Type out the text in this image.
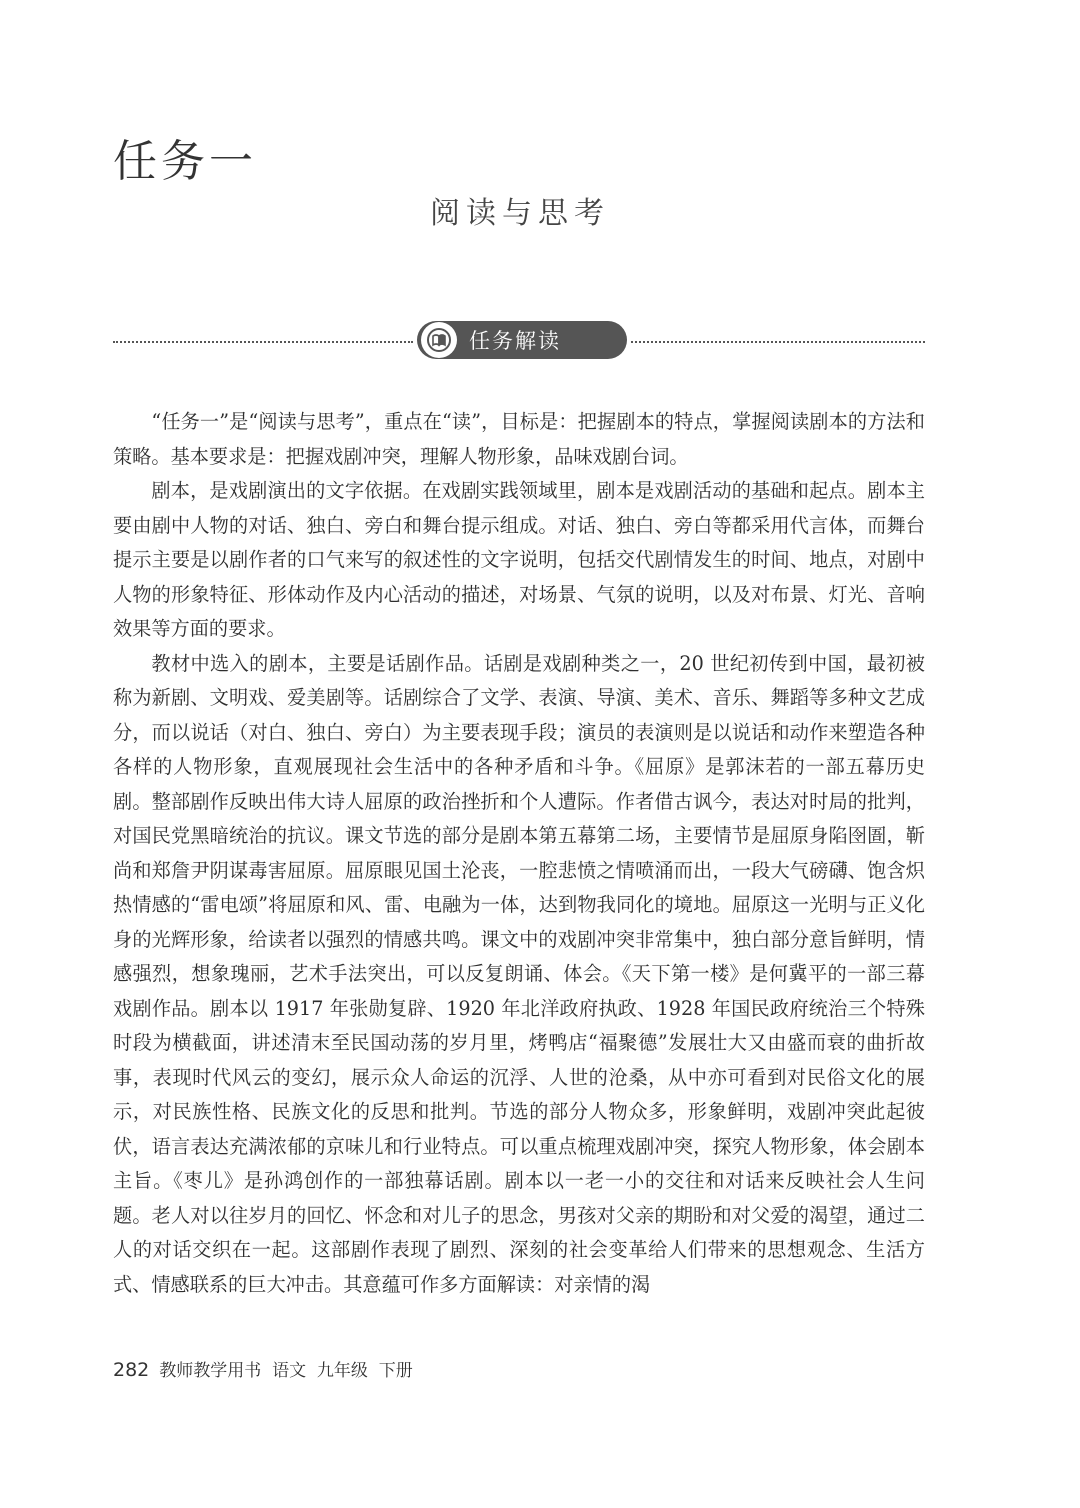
任务一
阅读与思考
任务解读

“任务一”是“阅读与思考”，重点在“读”，目标是：把握剧本的特点，掌握阅读剧本的方法和策略。基本要求是：把握戏剧冲突，理解人物形象，品味戏剧台词。

剧本，是戏剧演出的文字依据。在戏剧实践领域里，剧本是戏剧活动的基础和起点。剧本主要由剧中人物的对话、独白、旁白和舞台提示组成。对话、独白、旁白等都采用代言体，而舞台提示主要是以剧作者的口气来写的叙述性的文字说明，包括交代剧情发生的时间、地点，对剧中人物的形象特征、形体动作及内心活动的描述，对场景、气氛的说明，以及对布景、灯光、音响效果等方面的要求。

教材中选入的剧本，主要是话剧作品。话剧是戏剧种类之一，20 世纪初传到中国，最初被称为新剧、文明戏、爱美剧等。话剧综合了文学、表演、导演、美术、音乐、舞蹈等多种文艺成分，而以说话（对白、独白、旁白）为主要表现手段；演员的表演则是以说话和动作来塑造各种各样的人物形象，直观展现社会生活中的各种矛盾和斗争。《屈原》是郭沫若的一部五幕历史剧。整部剧作反映出伟大诗人屈原的政治挫折和个人遭际。作者借古讽今，表达对时局的批判，对国民党黑暗统治的抗议。课文节选的部分是剧本第五幕第二场，主要情节是屈原身陷囹圄，靳尚和郑詹尹阴谋毒害屈原。屈原眼见国土沦丧，一腔悲愤之情喷涌而出，一段大气磅礴、饱含炽热情感的“雷电颂”将屈原和风、雷、电融为一体，达到物我同化的境地。屈原这一光明与正义化身的光辉形象，给读者以强烈的情感共鸣。课文中的戏剧冲突非常集中，独白部分意旨鲜明，情感强烈，想象瑰丽，艺术手法突出，可以反复朗诵、体会。《天下第一楼》是何冀平的一部三幕戏剧作品。剧本以 1917 年张勋复辟、1920 年北洋政府执政、1928 年国民政府统治三个特殊时段为横截面，讲述清末至民国动荡的岁月里，烤鸭店“福聚德”发展壮大又由盛而衰的曲折故事，表现时代风云的变幻，展示众人命运的沉浮、人世的沧桑，从中亦可看到对民俗文化的展示，对民族性格、民族文化的反思和批判。节选的部分人物众多，形象鲜明，戏剧冲突此起彼伏，语言表达充满浓郁的京味儿和行业特点。可以重点梳理戏剧冲突，探究人物形象，体会剧本主旨。《枣儿》是孙鸿创作的一部独幕话剧。剧本以一老一小的交往和对话来反映社会人生问题。老人对以往岁月的回忆、怀念和对儿子的思念，男孩对父亲的期盼和对父爱的渴望，通过二人的对话交织在一起。这部剧作表现了剧烈、深刻的社会变革给人们带来的思想观念、生活方式、情感联系的巨大冲击。其意蕴可作多方面解读：对亲情的渴

282 教师教学用书  语文  九年级  下册
